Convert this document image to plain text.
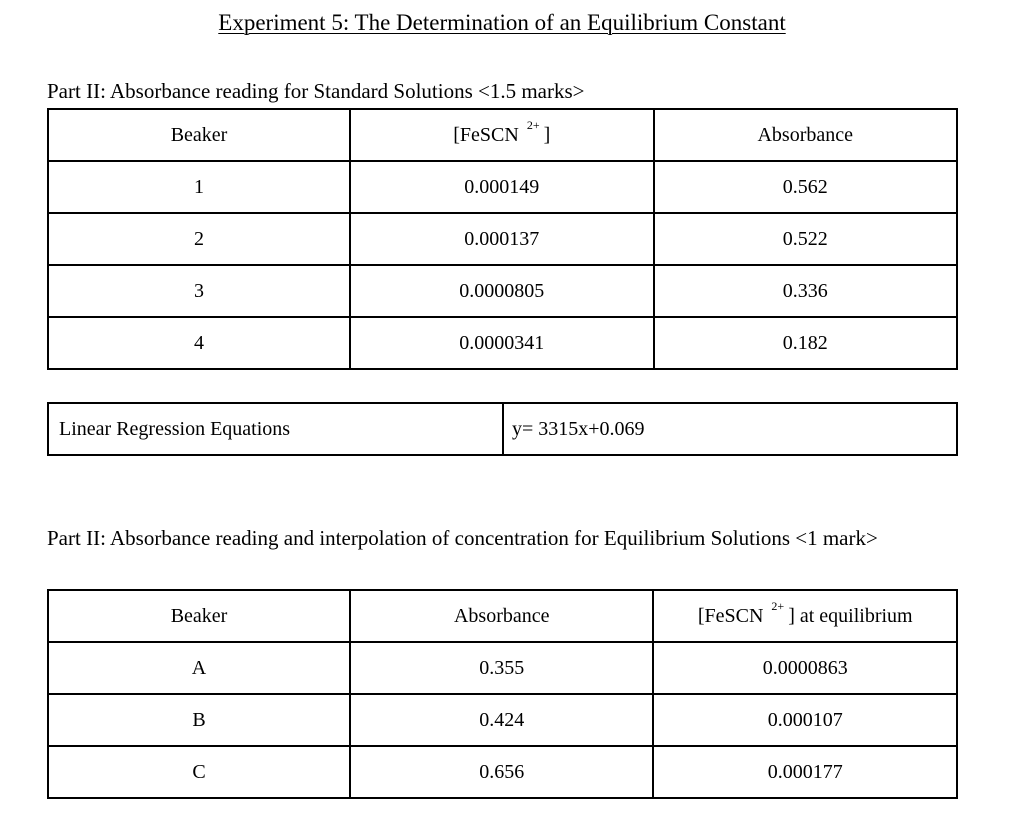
Experiment 5: The Determination of an Equilibrium Constant
Part II: Absorbance reading for Standard Solutions <1.5 marks>
Beaker	[FeSCN $^{2+}$ ]	Absorbance
1	0.000149	0.562
2	0.000137	0.522
3	0.0000805	0.336
4	0.0000341	0.182
Linear Regression Equations	y= 3315x+0.069
Part II: Absorbance reading and interpolation of concentration for Equilibrium Solutions <1 mark>
Beaker	Absorbance	[FeSCN $^{2+}$ ] at equilibrium
A	0.355	0.0000863
B	0.424	0.000107
C	0.656	0.000177
